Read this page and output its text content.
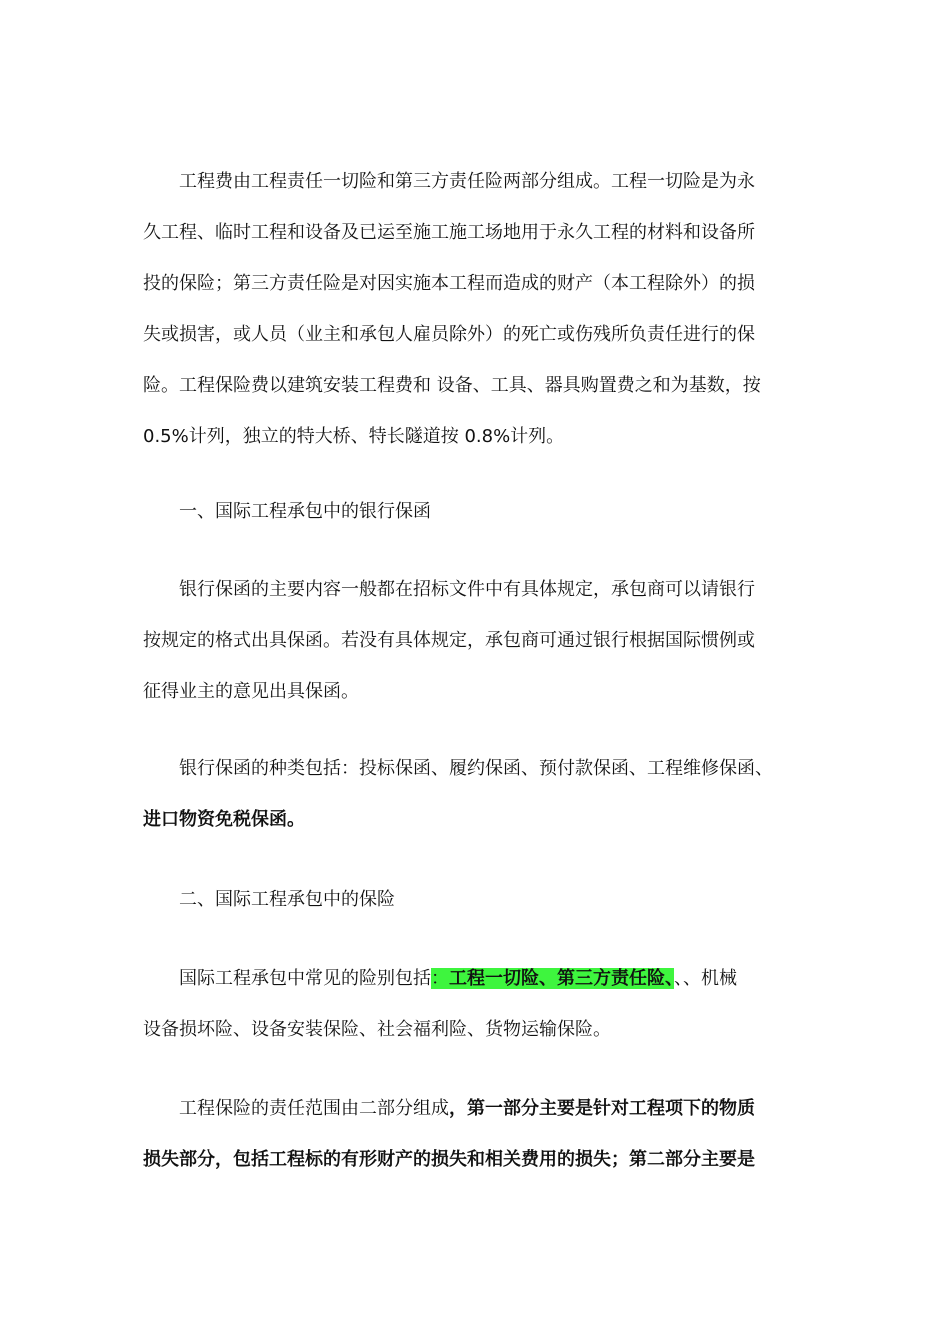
工程费由工程责任一切险和第三方责任险两部分组成。工程一切险是为永
久工程、临时工程和设备及已运至施工施工场地用于永久工程的材料和设备所
投的保险；第三方责任险是对因实施本工程而造成的财产（本工程除外）的损
失或损害，或人员（业主和承包人雇员除外）的死亡或伤残所负责任进行的保
险。工程保险费以建筑安装工程费和 设备、工具、器具购置费之和为基数，按
0.5%计列，独立的特大桥、特长隧道按 0.8%计列。
一、国际工程承包中的银行保函
银行保函的主要内容一般都在招标文件中有具体规定，承包商可以请银行
按规定的格式出具保函。若没有具体规定，承包商可通过银行根据国际惯例或
征得业主的意见出具保函。
银行保函的种类包括：投标保函、履约保函、预付款保函、工程维修保函、
进口物资免税保函。
二、国际工程承包中的保险
国际工程承包中常见的险别包括：工程一切险、第三方责任险、、、机械
设备损坏险、设备安装保险、社会福利险、货物运输保险。
工程保险的责任范围由二部分组成，第一部分主要是针对工程项下的物质
损失部分，包括工程标的有形财产的损失和相关费用的损失；第二部分主要是
